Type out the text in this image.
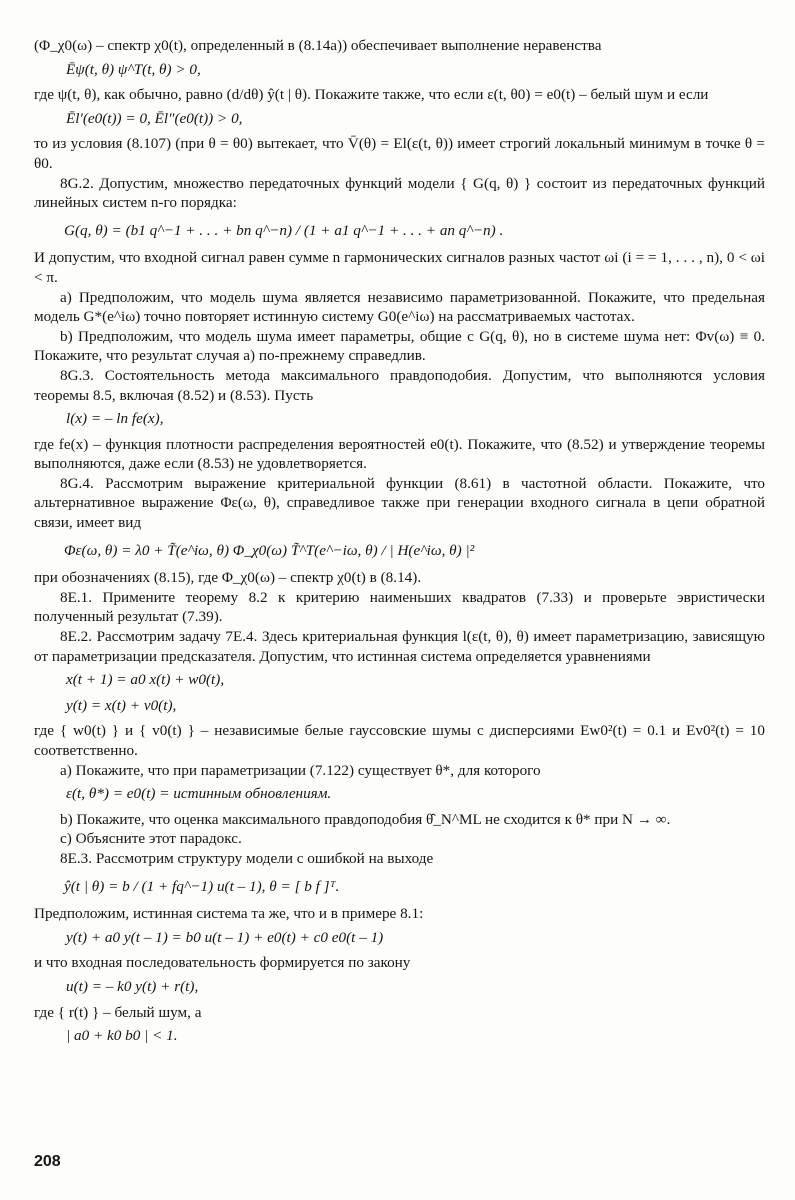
(Φ_χ0(ω) – спектр χ0(t), определенный в (8.14a)) обеспечивает выполнение неравенства

Ēψ(t, θ) ψ^T(t, θ) > 0,

где ψ(t, θ), как обычно, равно (d/dθ) ŷ(t | θ). Покажите также, что если ε(t, θ0) = e0(t) – белый шум и если

Ēl′(e0(t)) = 0, Ēl″(e0(t)) > 0,

то из условия (8.107) (при θ = θ0) вытекает, что V̄(θ) = El(ε(t, θ)) имеет строгий локальный минимум в точке θ = θ0.

8G.2. Допустим, множество передаточных функций модели { G(q, θ) } состоит из передаточных функций линейных систем n-го порядка:

G(q, θ) = (b1 q^−1 + . . . + bn q^−n) / (1 + a1 q^−1 + . . . + an q^−n) .

И допустим, что входной сигнал равен сумме n гармонических сигналов разных частот ωi (i = = 1, . . . , n), 0 < ωi < π.

a) Предположим, что модель шума является независимо параметризованной. Покажите, что предельная модель G*(e^iω) точно повторяет истинную систему G0(e^iω) на рассматриваемых частотах.

b) Предположим, что модель шума имеет параметры, общие с G(q, θ), но в системе шума нет: Φv(ω) ≡ 0. Покажите, что результат случая a) по-прежнему справедлив.

8G.3. Состоятельность метода максимального правдоподобия. Допустим, что выполняются условия теоремы 8.5, включая (8.52) и (8.53). Пусть

l(x) = – ln fe(x),

где fe(x) – функция плотности распределения вероятностей e0(t). Покажите, что (8.52) и утверждение теоремы выполняются, даже если (8.53) не удовлетворяется.

8G.4. Рассмотрим выражение критериальной функции (8.61) в частотной области. Покажите, что альтернативное выражение Φε(ω, θ), справедливое также при генерации входного сигнала в цепи обратной связи, имеет вид

Φε(ω, θ) = λ0 + T̃(e^iω, θ) Φ_χ0(ω) T̃^T(e^−iω, θ) / | H(e^iω, θ) |²

при обозначениях (8.15), где Φ_χ0(ω) – спектр χ0(t) в (8.14).

8E.1. Примените теорему 8.2 к критерию наименьших квадратов (7.33) и проверьте эвристически полученный результат (7.39).

8E.2. Рассмотрим задачу 7E.4. Здесь критериальная функция l(ε(t, θ), θ) имеет параметризацию, зависящую от параметризации предсказателя. Допустим, что истинная система определяется уравнениями

x(t + 1) = a0 x(t) + w0(t),

y(t) = x(t) + v0(t),

где { w0(t) } и { v0(t) } – независимые белые гауссовские шумы с дисперсиями Ew0²(t) = 0.1 и Ev0²(t) = 10 соответственно.

a) Покажите, что при параметризации (7.122) существует θ*, для которого

ε(t, θ*) = e0(t) = истинным обновлениям.

b) Покажите, что оценка максимального правдоподобия θ̂_N^ML не сходится к θ* при N → ∞.

c) Объясните этот парадокс.

8E.3. Рассмотрим структуру модели с ошибкой на выходе

ŷ(t | θ) = b / (1 + fq^−1) u(t – 1), θ = [ b f ]ᵀ.

Предположим, истинная система та же, что и в примере 8.1:

y(t) + a0 y(t – 1) = b0 u(t – 1) + e0(t) + c0 e0(t – 1)

и что входная последовательность формируется по закону

u(t) = – k0 y(t) + r(t),

где { r(t) } – белый шум, а

| a0 + k0 b0 | < 1.

208
